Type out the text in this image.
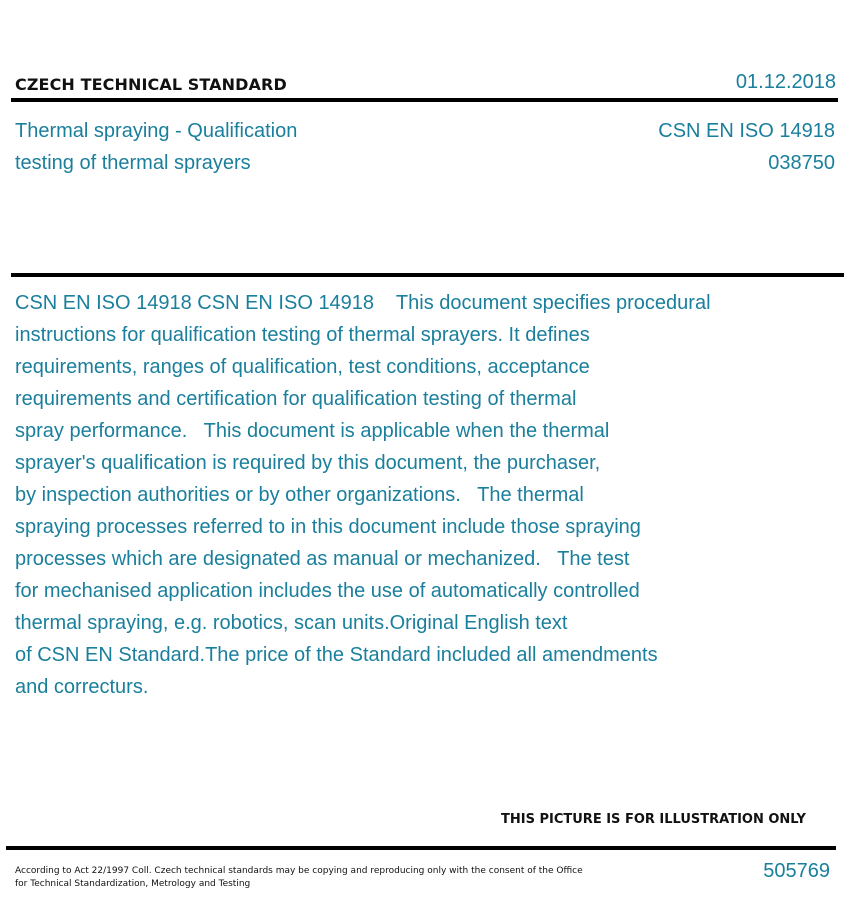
CZECH TECHNICAL STANDARD	01.12.2018
Thermal spraying - Qualification
testing of thermal sprayers
CSN EN ISO 14918
038750
CSN EN ISO 14918 CSN EN ISO 14918    This document specifies procedural
instructions for qualification testing of thermal sprayers. It defines
requirements, ranges of qualification, test conditions, acceptance
requirements and certification for qualification testing of thermal
spray performance.   This document is applicable when the thermal
sprayer's qualification is required by this document, the purchaser,
by inspection authorities or by other organizations.   The thermal
spraying processes referred to in this document include those spraying
processes which are designated as manual or mechanized.   The test
for mechanised application includes the use of automatically controlled
thermal spraying, e.g. robotics, scan units.Original English text
of CSN EN Standard.The price of the Standard included all amendments
and correcturs.
THIS PICTURE IS FOR ILLUSTRATION ONLY
According to Act 22/1997 Coll. Czech technical standards may be copying and reproducing only with the consent of the Office
for Technical Standardization, Metrology and Testing
505769
